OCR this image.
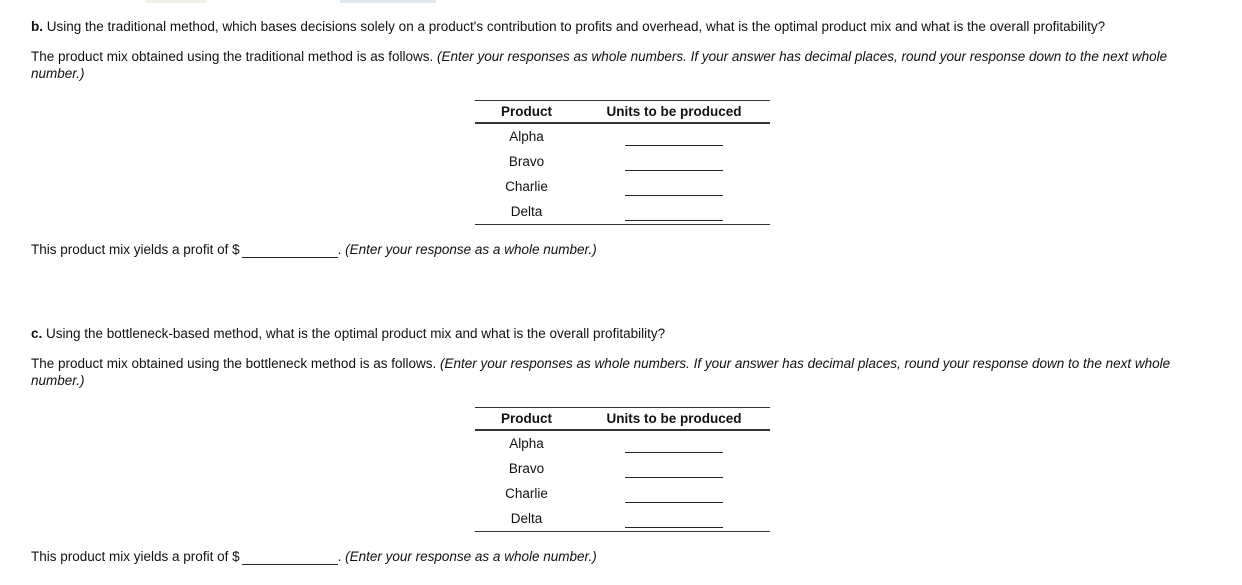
b. Using the traditional method, which bases decisions solely on a product's contribution to profits and overhead, what is the optimal product mix and what is the overall profitability?

The product mix obtained using the traditional method is as follows. (Enter your responses as whole numbers. If your answer has decimal places, round your response down to the next whole number.)

Product	Units to be produced
Alpha	
Bravo	
Charlie	
Delta	
This product mix yields a profit of $	. (Enter your response as a whole number.)

c. Using the bottleneck-based method, what is the optimal product mix and what is the overall profitability?

The product mix obtained using the bottleneck method is as follows. (Enter your responses as whole numbers. If your answer has decimal places, round your response down to the next whole number.)

Product	Units to be produced
Alpha	
Bravo	
Charlie	
Delta	
This product mix yields a profit of $	. (Enter your response as a whole number.)
